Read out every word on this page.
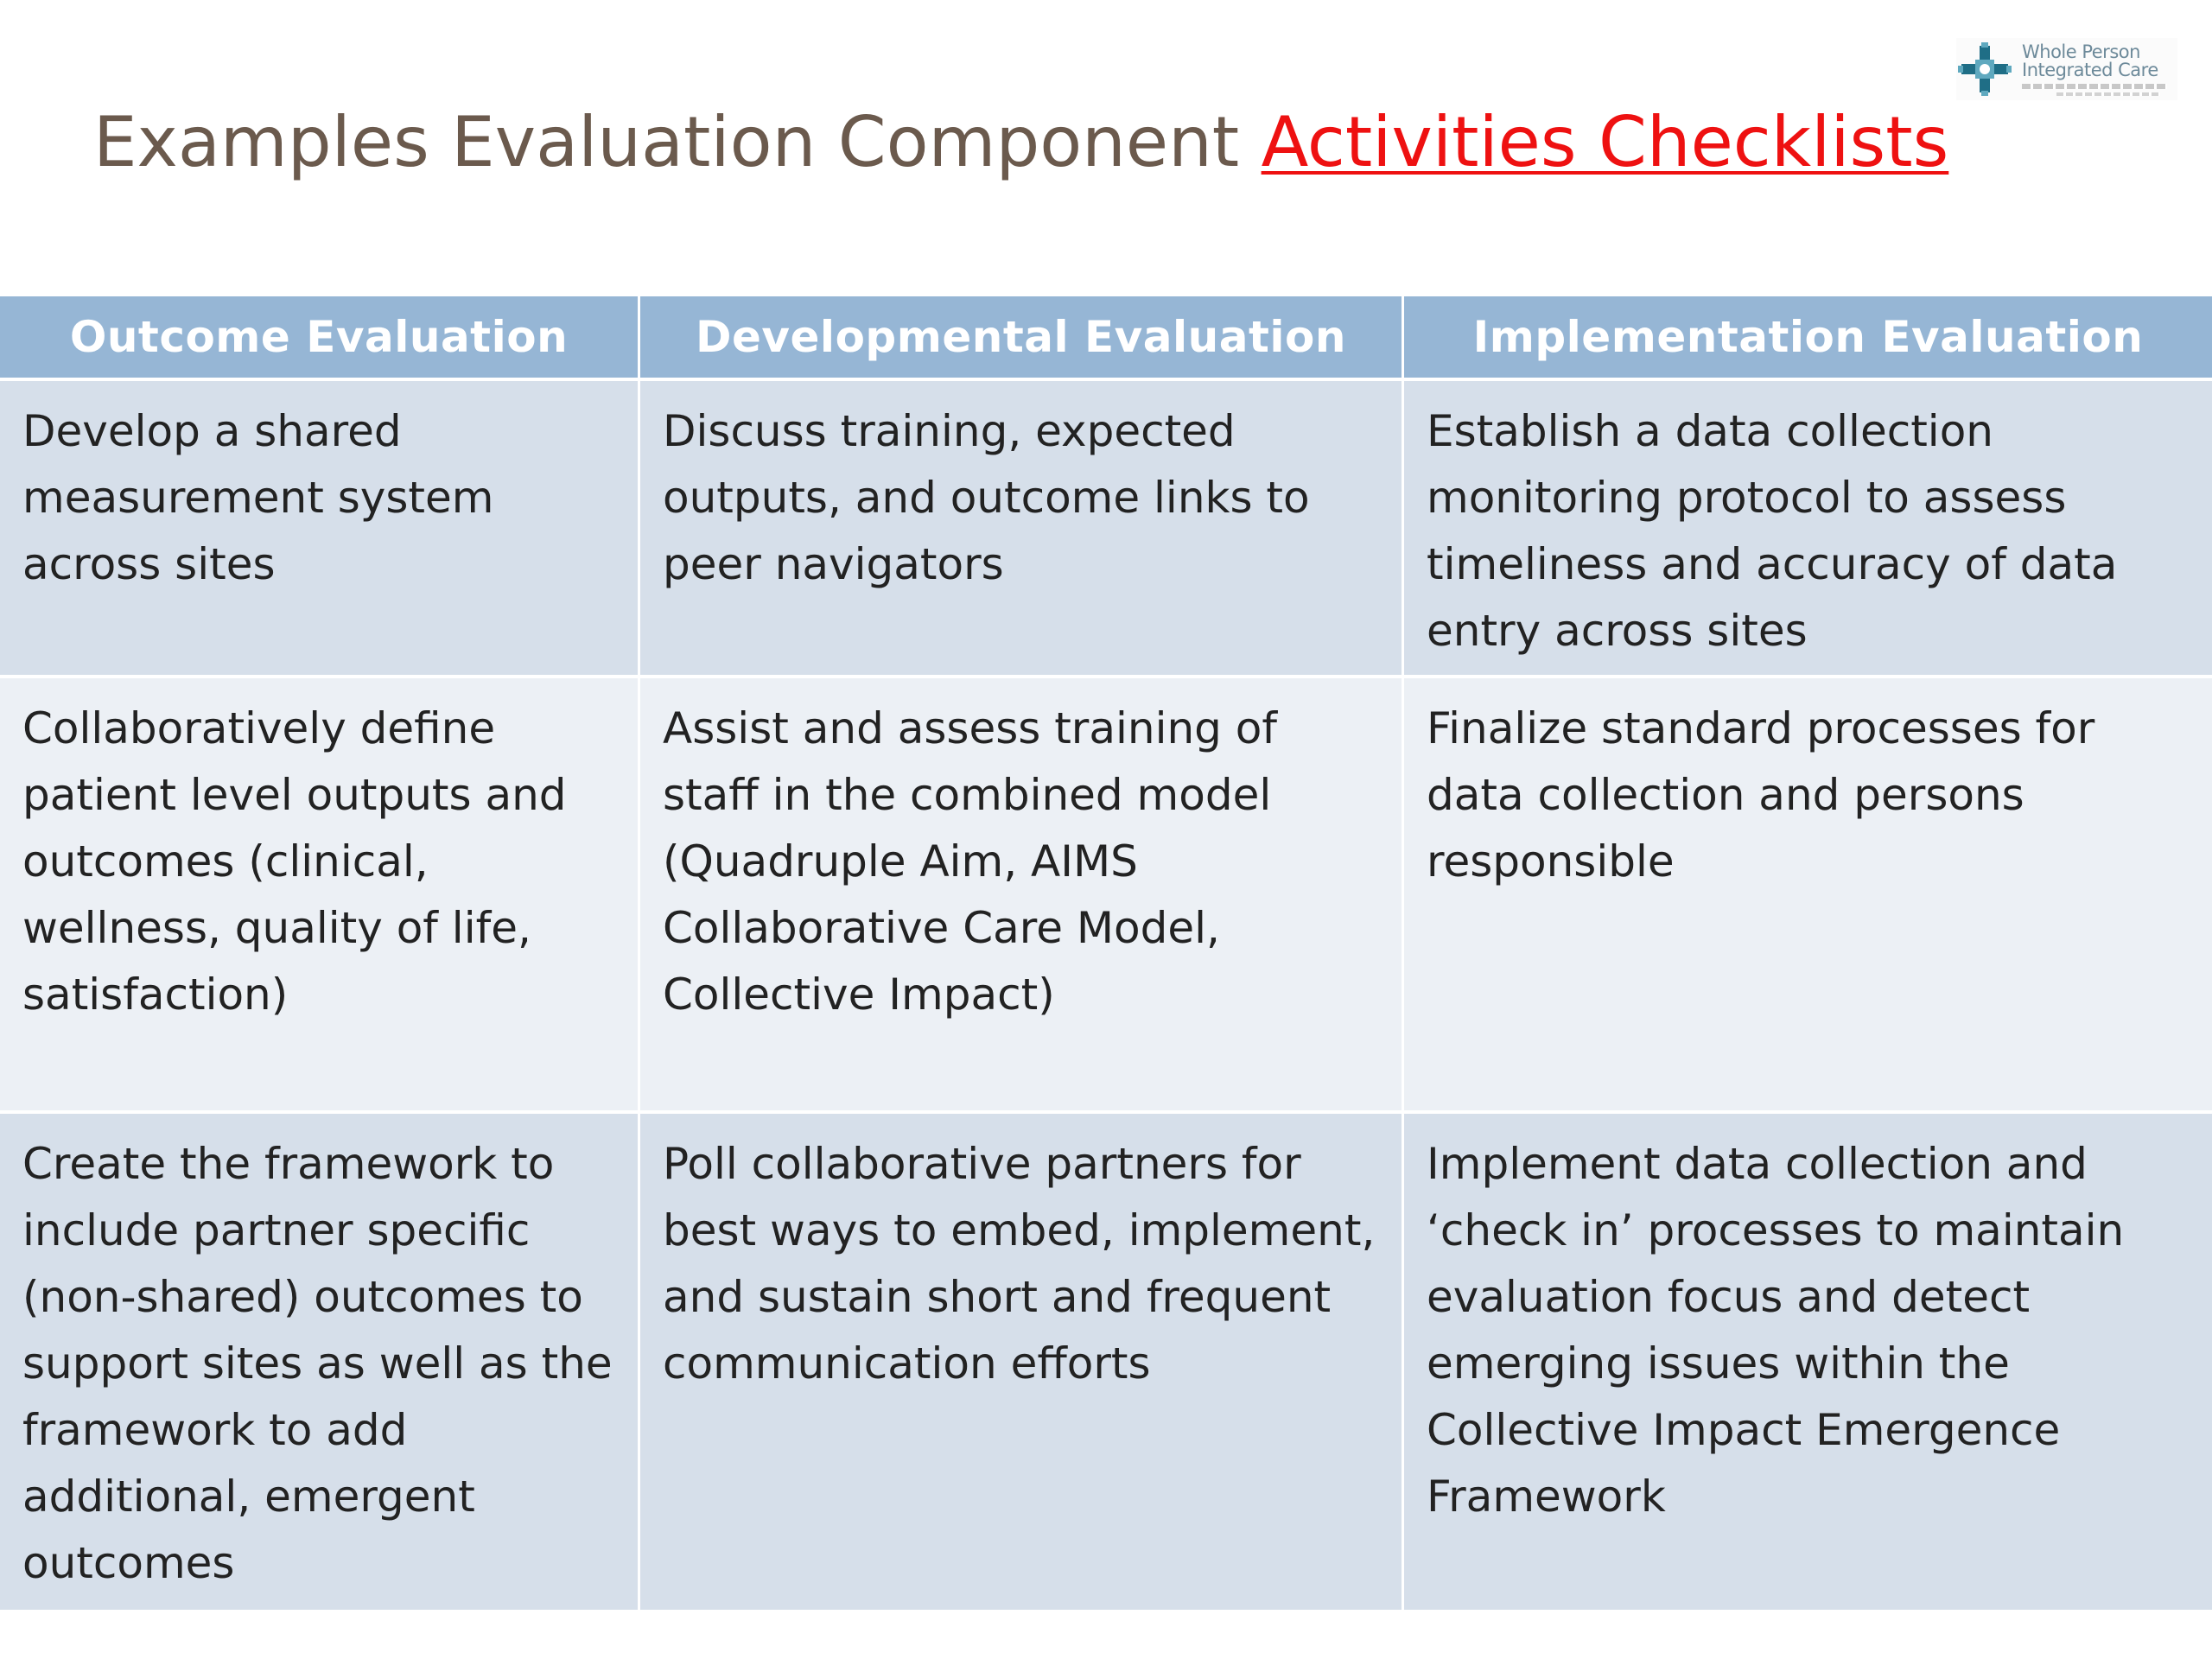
Whole Person
Integrated Care
Examples Evaluation Component Activities Checklists
Outcome Evaluation	Developmental Evaluation	Implementation Evaluation
Develop a shared measurement system across sites
Discuss training, expected outputs, and outcome links to peer navigators
Establish a data collection monitoring protocol to assess timeliness and accuracy of data entry across sites
Collaboratively define patient level outputs and outcomes (clinical, wellness, quality of life, satisfaction)
Assist and assess training of staff in the combined model (Quadruple Aim, AIMS Collaborative Care Model, Collective Impact)
Finalize standard processes for data collection and persons responsible
Create the framework to include partner specific (non-shared) outcomes to support sites as well as the framework to add additional, emergent outcomes
Poll collaborative partners for best ways to embed, implement, and sustain short and frequent communication efforts
Implement data collection and ‘check in’ processes to maintain evaluation focus and detect emerging issues within the Collective Impact Emergence Framework
